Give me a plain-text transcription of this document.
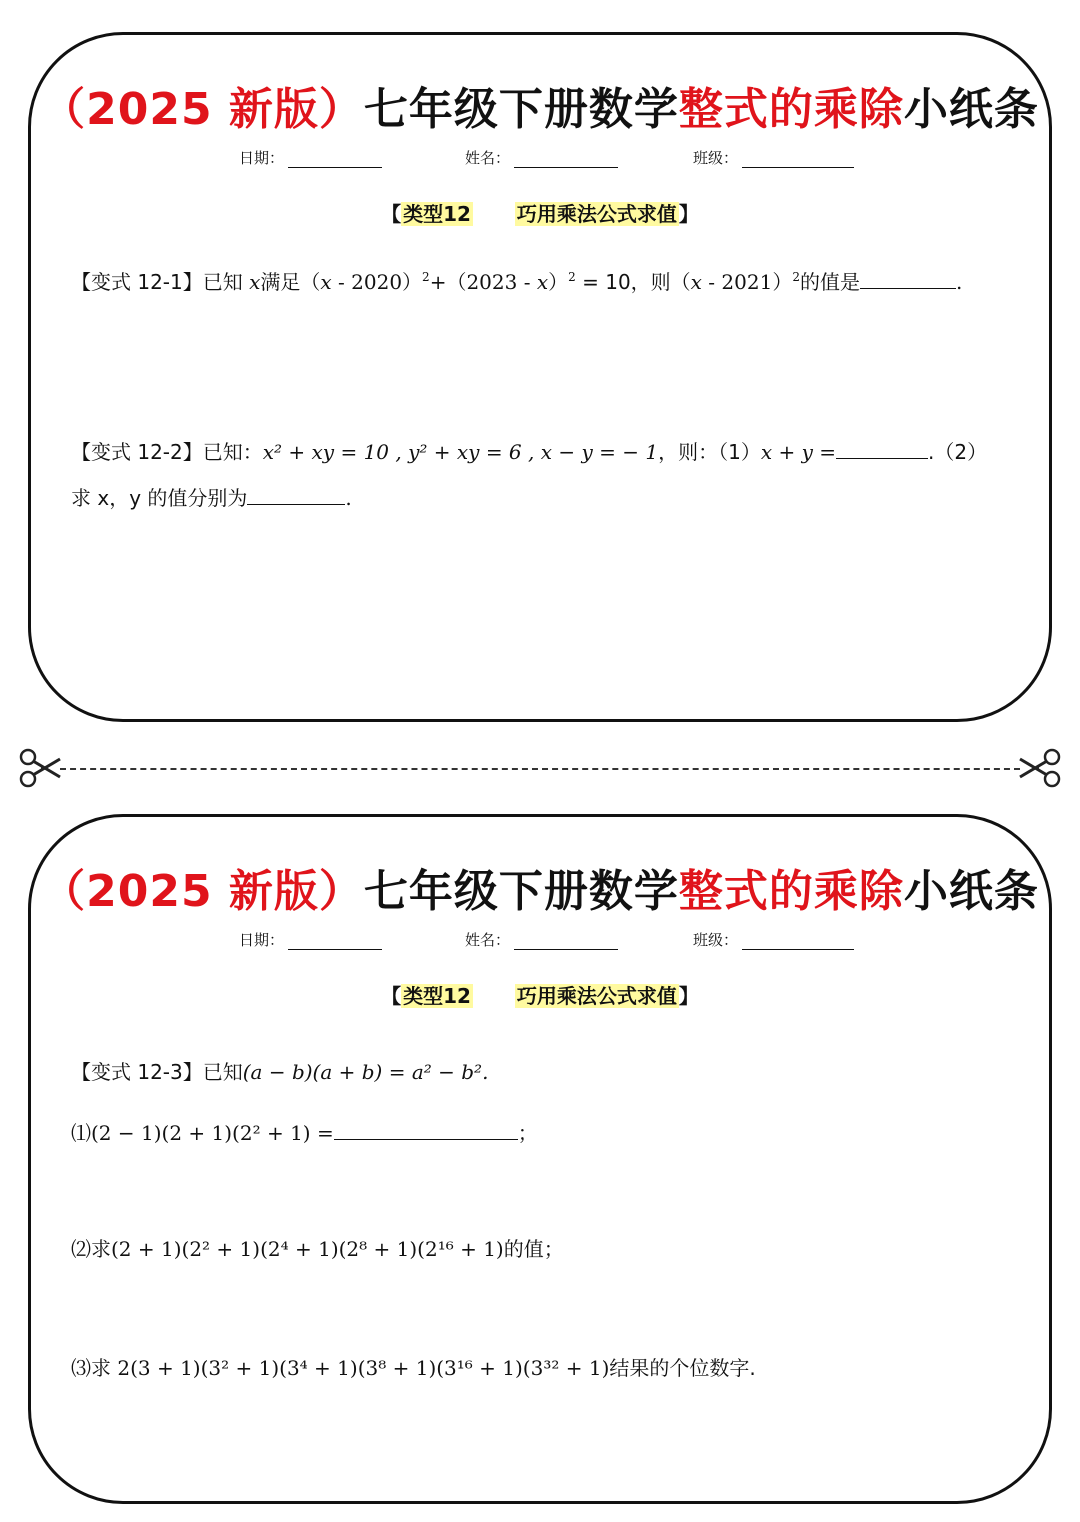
（2025 新版）七年级下册数学整式的乘除小纸条
日期：	姓名：	班级：
【 类型12 巧用乘法公式求值 】
【变式 12-1】已知 x满足（x - 2020）$^2$+（2023 - x）$^2$ = 10，则（x - 2021）$^2$的值是	.
【变式 12-2】已知：x² + xy = 10 , y² + xy = 6 , x − y = − 1，则：（1）x + y =	.（2）
求 x，y 的值分别为	.
（2025 新版）七年级下册数学整式的乘除小纸条
日期：	姓名：	班级：
【 类型12 巧用乘法公式求值 】
【变式 12-3】已知(a − b)(a + b) = a² − b².
⑴(2 − 1)(2 + 1)(2² + 1) =	；
⑵求(2 + 1)(2² + 1)(2⁴ + 1)(2⁸ + 1)(2¹⁶ + 1)的值；
⑶求 2(3 + 1)(3² + 1)(3⁴ + 1)(3⁸ + 1)(3¹⁶ + 1)(3³² + 1)结果的个位数字.
